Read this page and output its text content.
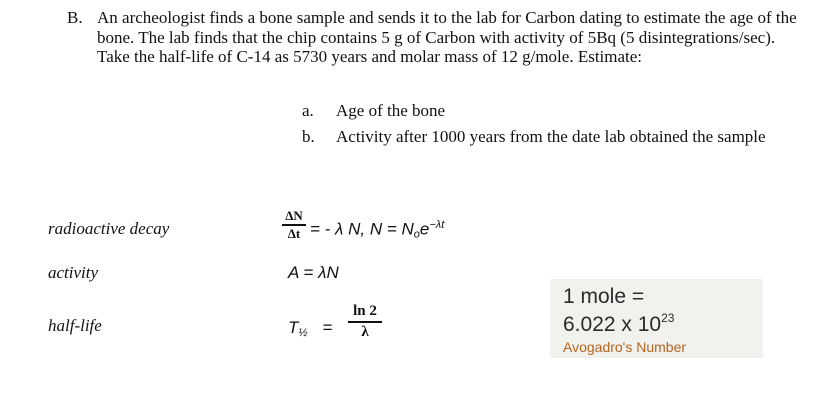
B. An archeologist finds a bone sample and sends it to the lab for Carbon dating to estimate the age of the bone. The lab finds that the chip contains 5 g of Carbon with activity of 5Bq (5 disintegrations/sec). Take the half-life of C-14 as 5730 years and molar mass of 12 g/mole. Estimate:
a. Age of the bone
b. Activity after 1000 years from the date lab obtained the sample
radioactive decay
ΔN
Δt = - λ N, N = Noe$^{-\lambda t}$
activity	A = λN
half-life	T½ =
ln 2
λ
1 mole =
6.022 x $10^{23}$
Avogadro's Number
